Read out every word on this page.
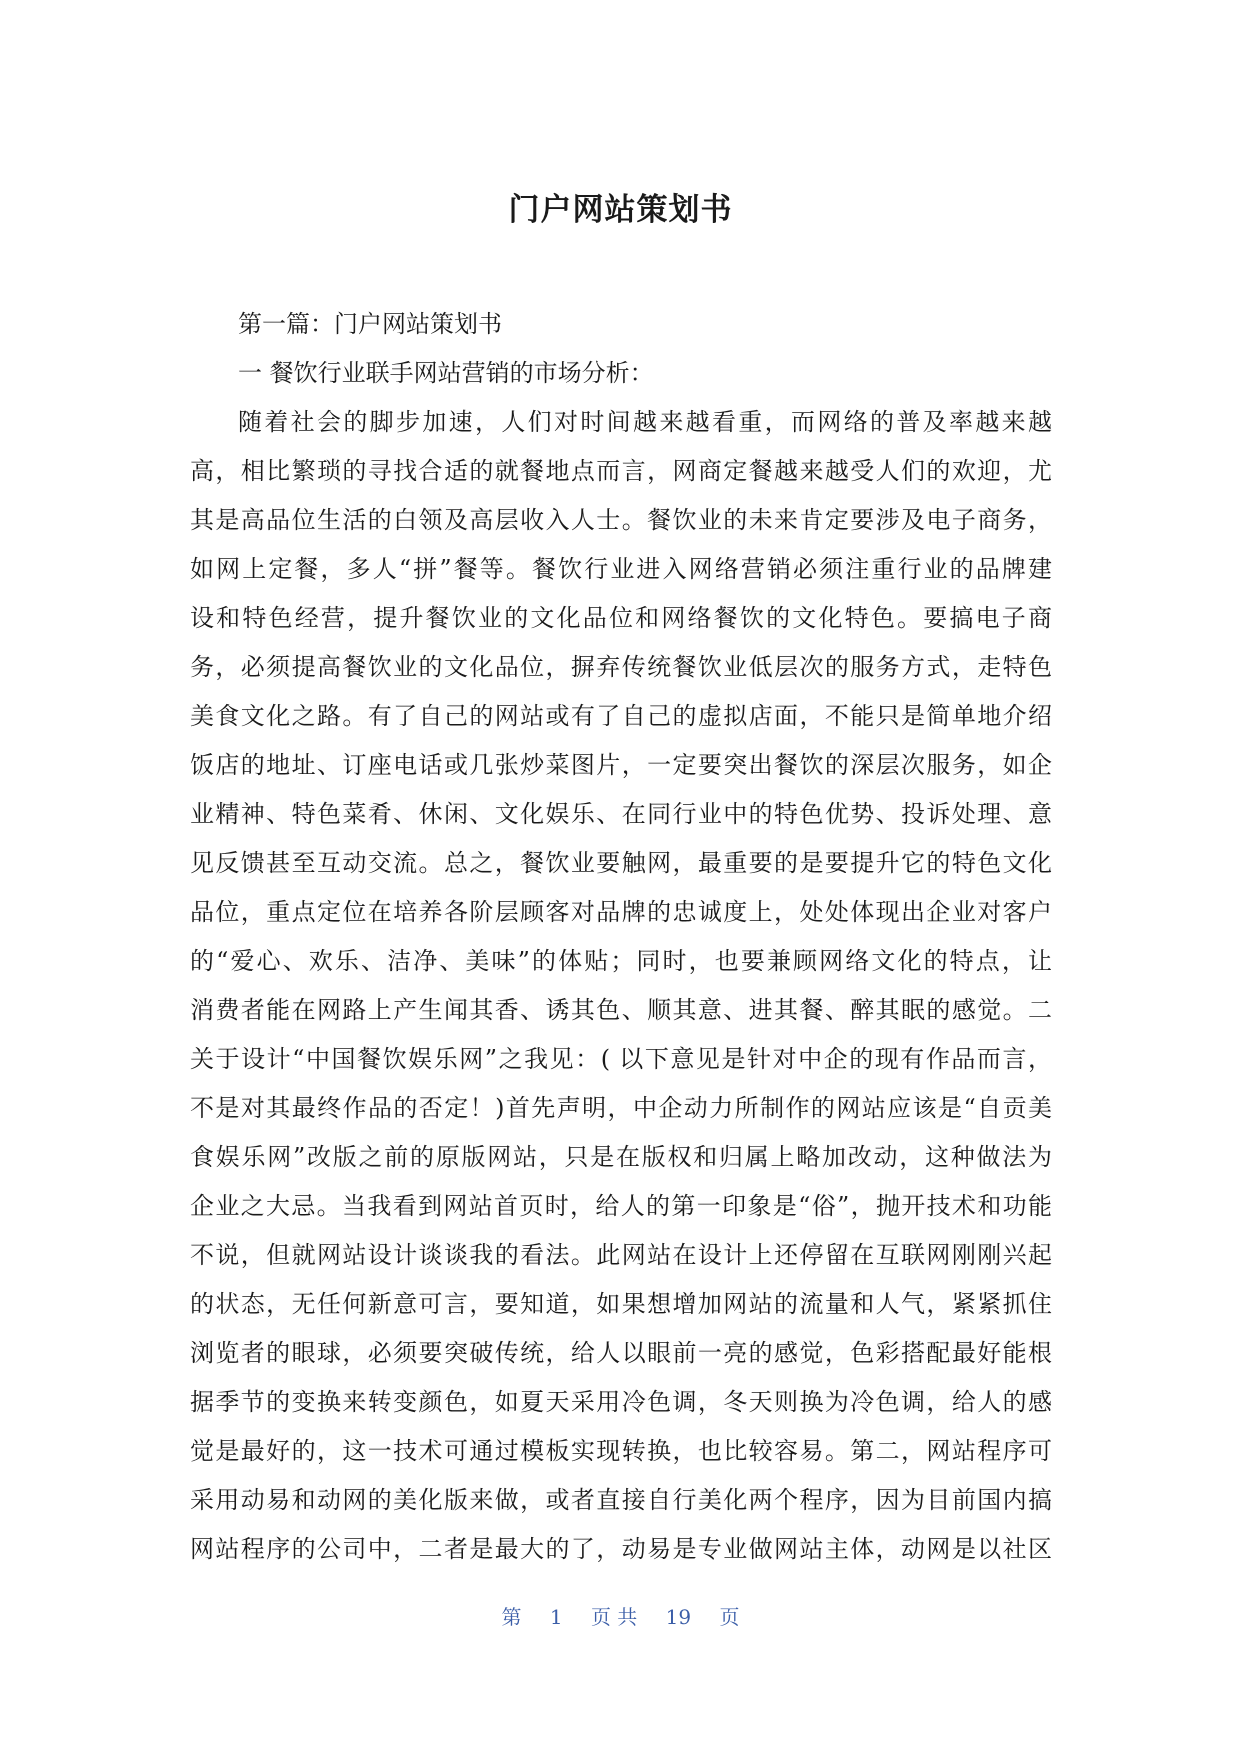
门户网站策划书
第一篇：门户网站策划书
一 餐饮行业联手网站营销的市场分析：
随着社会的脚步加速，人们对时间越来越看重，而网络的普及率越来越
高，相比繁琐的寻找合适的就餐地点而言，网商定餐越来越受人们的欢迎，尤
其是高品位生活的白领及高层收入人士。餐饮业的未来肯定要涉及电子商务，
如网上定餐，多人“拼”餐等。餐饮行业进入网络营销必须注重行业的品牌建
设和特色经营，提升餐饮业的文化品位和网络餐饮的文化特色。要搞电子商
务，必须提高餐饮业的文化品位，摒弃传统餐饮业低层次的服务方式，走特色
美食文化之路。有了自己的网站或有了自己的虚拟店面，不能只是简单地介绍
饭店的地址、订座电话或几张炒菜图片，一定要突出餐饮的深层次服务，如企
业精神、特色菜肴、休闲、文化娱乐、在同行业中的特色优势、投诉处理、意
见反馈甚至互动交流。总之，餐饮业要触网，最重要的是要提升它的特色文化
品位，重点定位在培养各阶层顾客对品牌的忠诚度上，处处体现出企业对客户
的“爱心、欢乐、洁净、美味”的体贴；同时，也要兼顾网络文化的特点，让
消费者能在网路上产生闻其香、诱其色、顺其意、进其餐、醉其眠的感觉。二
关于设计“中国餐饮娱乐网”之我见：( 以下意见是针对中企的现有作品而言，
不是对其最终作品的否定！)首先声明，中企动力所制作的网站应该是“自贡美
食娱乐网”改版之前的原版网站，只是在版权和归属上略加改动，这种做法为
企业之大忌。当我看到网站首页时，给人的第一印象是“俗”，抛开技术和功能
不说，但就网站设计谈谈我的看法。此网站在设计上还停留在互联网刚刚兴起
的状态，无任何新意可言，要知道，如果想增加网站的流量和人气，紧紧抓住
浏览者的眼球，必须要突破传统，给人以眼前一亮的感觉，色彩搭配最好能根
据季节的变换来转变颜色，如夏天采用冷色调，冬天则换为冷色调，给人的感
觉是最好的，这一技术可通过模板实现转换，也比较容易。第二，网站程序可
采用动易和动网的美化版来做，或者直接自行美化两个程序，因为目前国内搞
网站程序的公司中，二者是最大的了，动易是专业做网站主体，动网是以社区
第 1 页 共 19 页
